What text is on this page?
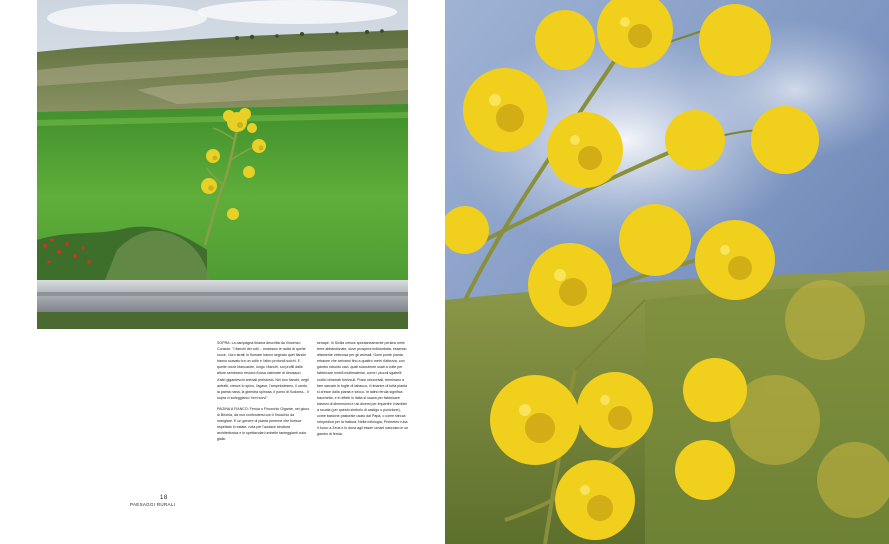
SOPRA: La campagna iblarea descritta da Vincenzo Consolo: "I fianchi dei colli... mostrano le radici di quelle rocce, i loro strati; le fiumare hanno segnato quei fianchi hanno scavato tra un colle e l'altro profondi solchi. E quelle rocce biancastre, lungo i fianchi, sui profili dalle alture sembrano residui d'ossa calcinate di dinosauri, d'altri giganteschi animali preistorici. Nei loro fianchi, negli anfratti, cresce lo spino, l'agave, l'ampelodesmo, il cardo, la palma nana, la ginestra spinosa, il pomo di Sodoma... Il sopra vi svileggiano i lievi sorvi".

PAGINA A FIANCO: Ferula o Finocchio Gigante, nel gioco di Brionia, da non confondersi con il finocchio da mangiare. E un genere di pianta perenne che fiorisce rispettato in estate, nota per l'audace struttura architettonica e le spettacolari umbelle tanteggianti color giallo

senape. In Sicilia cresce spontaneamente persino nelle terre abbandonate, dove prospera indisturbata, essendo altamente velenosa per gli animali. Gomi ponte pianta erbacee che arrivano fino a quattro metri d'altezza, con gambo robusto cavi, quali succulente usati a volte per fabbricare mobili multimaterial, come i piccoli sgabelli rustici chiamati furrizzuli. Possi orizzontali, terminano a fare sarcare le foglie di tabacco; il rimanire di tutta pianta si cresce dalla pianta e secco. In latino ferula significa bacchetta, e in effetti in Italia si usava per fabbricare bastoni di dimensioni e usi diversi per impartire i bambini a scuola (per questo simbolo di castigo o punizione), come bastone pastorale usato dal Papa, o come stecca ortopedica per la frattura. Nella mitologia, Prometeo ruba il fuoco a Zeus e lo dona agli esseri umani nascosto in un gambo di ferula.

18
PAESAGGI RURALI
